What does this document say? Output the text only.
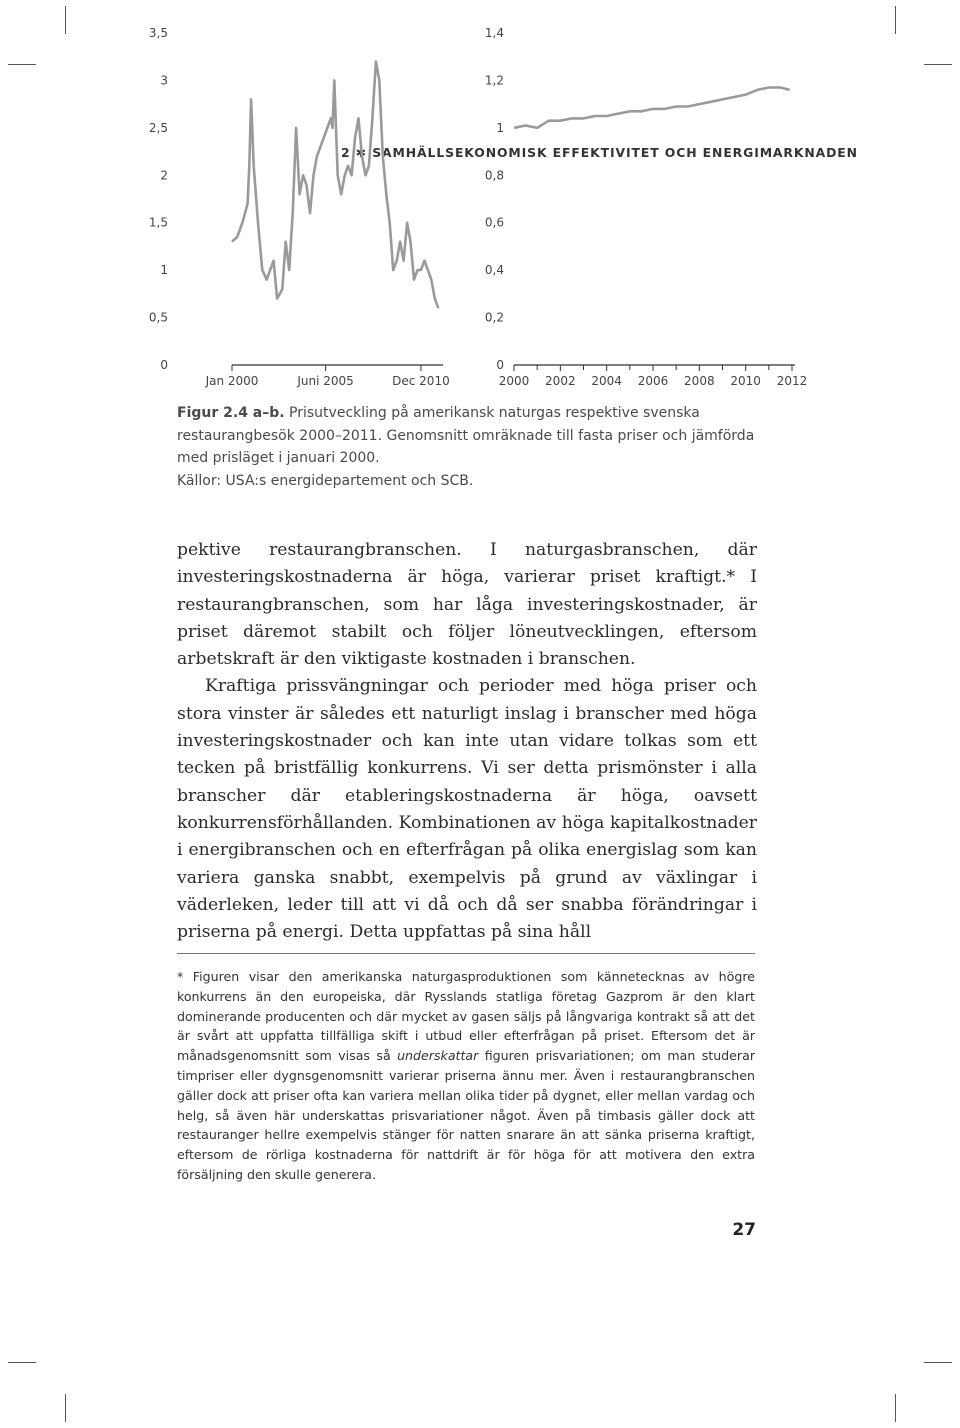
2 ✱ SAMHÄLLSEKONOMISK EFFEKTIVITET OCH ENERGIMARKNADEN
0
0,5
1
1,5
2
2,5
3
3,5
Jan 2000	Juni 2005	Dec 2010
0
0,2
0,4
0,6
0,8
1
1,2
1,4
2000 2002 2004 2006 2008 2010 2012

Figur 2.4 a–b. Prisutveckling på amerikansk naturgas respektive svenska restaurangbesök 2000–2011. Genomsnitt omräknade till fasta priser och jämförda med prisläget i januari 2000.

Källor: USA:s energidepartement och SCB.

pektive restaurangbranschen. I naturgasbranschen, där investeringskostnaderna är höga, varierar priset kraftigt.* I restaurangbranschen, som har låga investeringskostnader, är priset däremot stabilt och följer löneutvecklingen, eftersom arbetskraft är den viktigaste kostnaden i branschen.

Kraftiga prissvängningar och perioder med höga priser och stora vinster är således ett naturligt inslag i branscher med höga investeringskostnader och kan inte utan vidare tolkas som ett tecken på bristfällig konkurrens. Vi ser detta prismönster i alla branscher där etableringskostnaderna är höga, oavsett konkurrensförhållanden. Kombinationen av höga kapitalkostnader i energibranschen och en efterfrågan på olika energislag som kan variera ganska snabbt, exempelvis på grund av växlingar i väderleken, leder till att vi då och då ser snabba förändringar i priserna på energi. Detta uppfattas på sina håll

* Figuren visar den amerikanska naturgasproduktionen som kännetecknas av högre konkurrens än den europeiska, där Rysslands statliga företag Gazprom är den klart dominerande producenten och där mycket av gasen säljs på långvariga kontrakt så att det är svårt att uppfatta tillfälliga skift i utbud eller efterfrågan på priset. Eftersom det är månadsgenomsnitt som visas så underskattar figuren prisvariationen; om man studerar timpriser eller dygnsgenomsnitt varierar priserna ännu mer. Även i restaurangbranschen gäller dock att priser ofta kan variera mellan olika tider på dygnet, eller mellan vardag och helg, så även här underskattas prisvariationer något. Även på timbasis gäller dock att restauranger hellre exempelvis stänger för natten snarare än att sänka priserna kraftigt, eftersom de rörliga kostnaderna för nattdrift är för höga för att motivera den extra försäljning den skulle generera.

27
